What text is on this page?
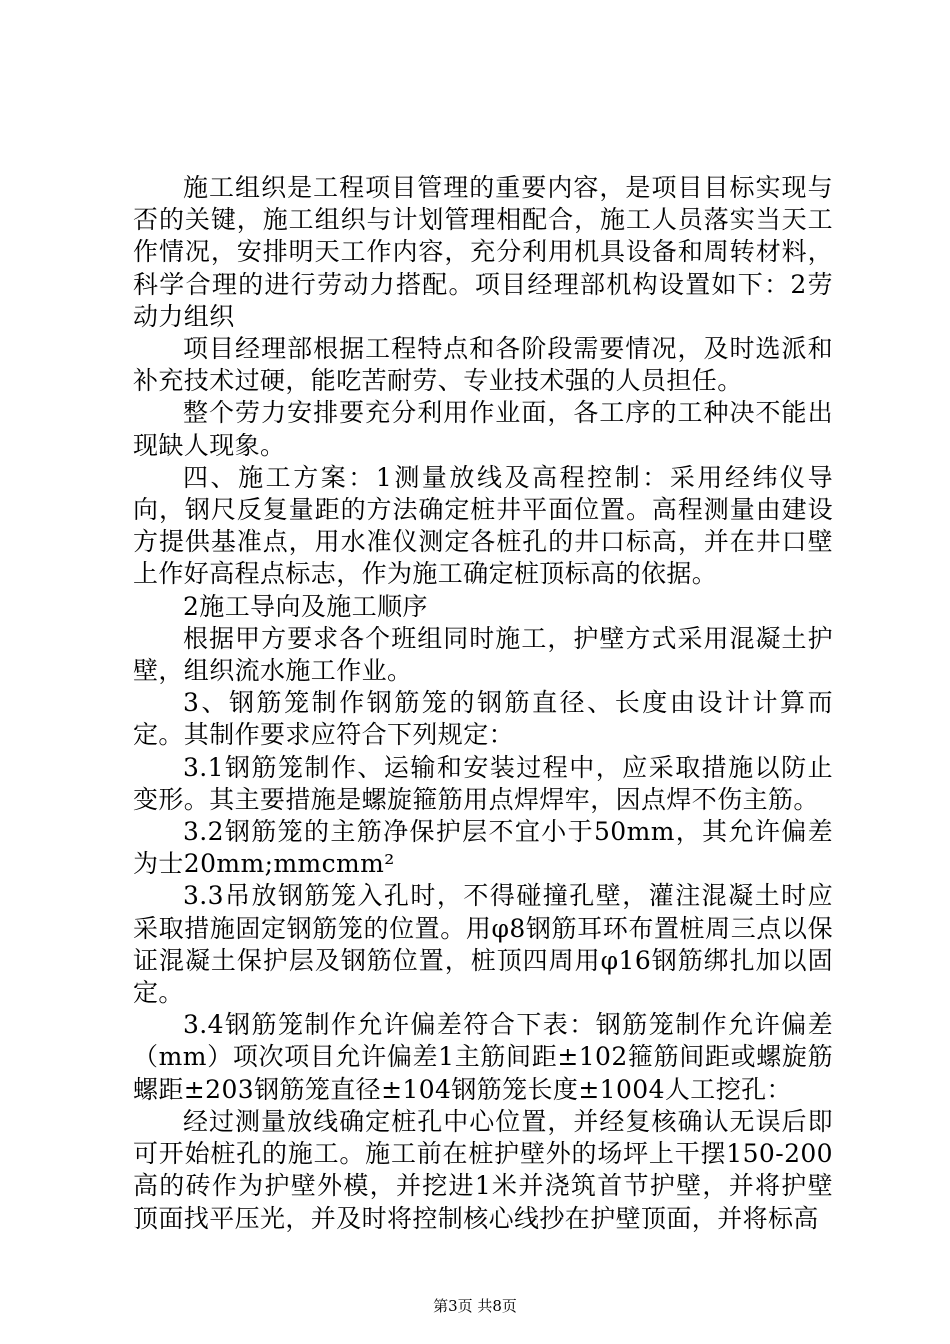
施工组织是工程项目管理的重要内容，是项目目标实现与否的关键，施工组织与计划管理相配合，施工人员落实当天工作情况，安排明天工作内容，充分利用机具设备和周转材料，科学合理的进行劳动力搭配。项目经理部机构设置如下：2劳动力组织

项目经理部根据工程特点和各阶段需要情况，及时选派和补充技术过硬，能吃苦耐劳、专业技术强的人员担任。

整个劳力安排要充分利用作业面，各工序的工种决不能出现缺人现象。

四、施工方案：1测量放线及高程控制：采用经纬仪导向，钢尺反复量距的方法确定桩井平面位置。高程测量由建设方提供基准点，用水准仪测定各桩孔的井口标高，并在井口壁上作好高程点标志，作为施工确定桩顶标高的依据。

2施工导向及施工顺序

根据甲方要求各个班组同时施工，护壁方式采用混凝土护壁，组织流水施工作业。

3、钢筋笼制作钢筋笼的钢筋直径、长度由设计计算而定。其制作要求应符合下列规定：

3.1钢筋笼制作、运输和安装过程中，应采取措施以防止变形。其主要措施是螺旋箍筋用点焊焊牢，因点焊不伤主筋。

3.2钢筋笼的主筋净保护层不宜小于50mm，其允许偏差为士20mm;mmcmm²

3.3吊放钢筋笼入孔时，不得碰撞孔壁，灌注混凝土时应采取措施固定钢筋笼的位置。用φ8钢筋耳环布置桩周三点以保证混凝土保护层及钢筋位置，桩顶四周用φ16钢筋绑扎加以固定。

3.4钢筋笼制作允许偏差符合下表：钢筋笼制作允许偏差（mm）项次项目允许偏差1主筋间距±102箍筋间距或螺旋筋螺距±203钢筋笼直径±104钢筋笼长度±1004人工挖孔：

经过测量放线确定桩孔中心位置，并经复核确认无误后即可开始桩孔的施工。施工前在桩护壁外的场坪上干摆150-200高的砖作为护壁外模，并挖进1米并浇筑首节护壁，并将护壁顶面找平压光，并及时将控制核心线抄在护壁顶面，并将标高

第3页 共8页
